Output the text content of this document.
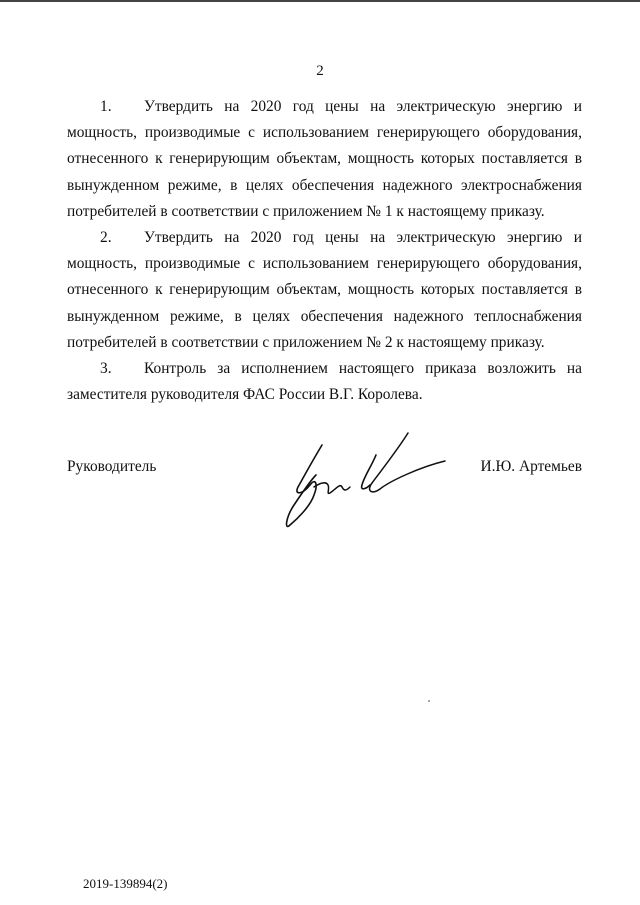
2

1. Утвердить на 2020 год цены на электрическую энергию и

мощность, производимые с использованием генерирующего оборудования, отнесенного к генерирующим объектам, мощность которых поставляется в вынужденном режиме, в целях обеспечения надежного электроснабжения потребителей в соответствии с приложением № 1 к настоящему приказу.

2. Утвердить на 2020 год цены на электрическую энергию и

мощность, производимые с использованием генерирующего оборудования, отнесенного к генерирующим объектам, мощность которых поставляется в вынужденном режиме, в целях обеспечения надежного теплоснабжения потребителей в соответствии с приложением № 2 к настоящему приказу.

3. Контроль за исполнением настоящего приказа возложить на

заместителя руководителя ФАС России В.Г. Королева.

Руководитель	И.Ю. Артемьев
2019-139894(2)
